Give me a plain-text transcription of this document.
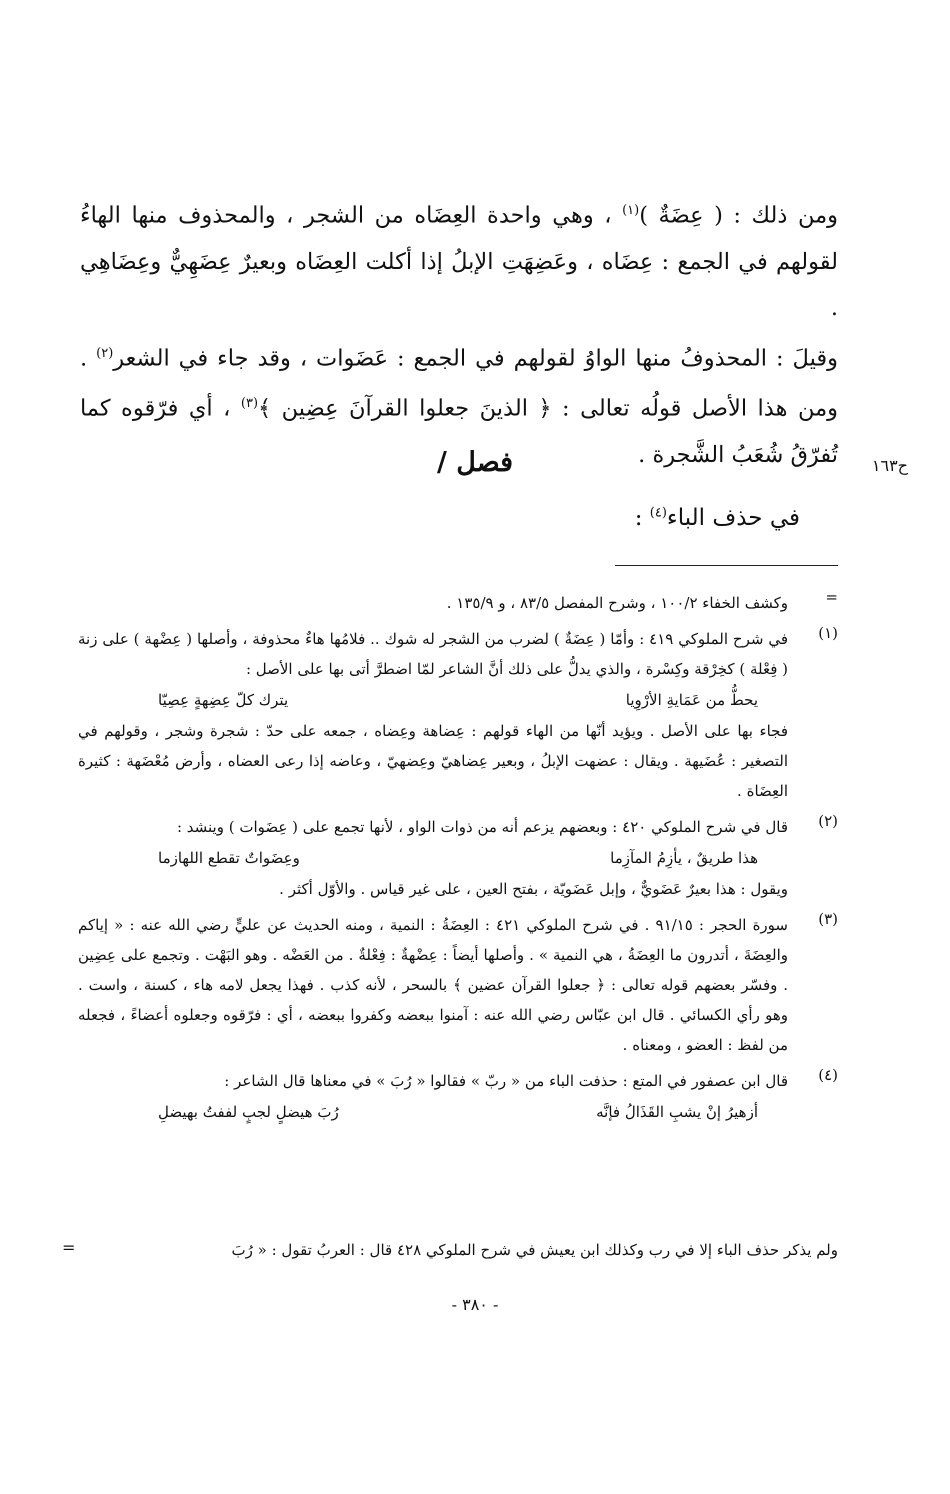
ومن ذلك : ( عِضَةٌ )$^{(١)}$ ، وهي واحدة العِضَاه من الشجر ، والمحذوف منها الهاءُ لقولهم في الجمع : عِضَاه ، وعَضِهَتِ الإبلُ إذا أكلت العِضَاه وبعيرٌ عِضَهِيٌّ وعِضَاهِي .

وقيلَ : المحذوفُ منها الواوُ لقولهم في الجمع : عَضَوات ، وقد جاء في الشعر$^{(٢)}$ . ومن هذا الأصل قولُه تعالى : ﴿ الذينَ جعلوا القرآنَ عِضِين ﴾$^{(٣)}$ ، أي فرّقوه كما تُفرّقُ شُعَبُ الشَّجرة . ح١٦٣
فصل /
في حذف الباء$^{(٤)}$ :
=

وكشف الخفاء ١٠٠/٢ ، وشرح المفصل ٨٣/٥ ، و ١٣٥/٩ .

(١)

في شرح الملوكي ٤١٩ : وأمّا ( عِضَةٌ ) لضرب من الشجر له شوك .. فلامُها هاءٌ محذوفة ، وأصلها ( عِضْهة ) على زنة ( فِعْلة ) كخِرْقة وكِسْرة ، والذي يدلُّ على ذلك أنَّ الشاعر لمّا اضطرَّ أتى بها على الأصل :

يحطُّ من عَمَايةِ الأرْوِيا
يترك كلّ عِضِهةٍ عِصِيّا

فجاء بها على الأصل . ويؤيد أنّها من الهاء قولهم : عِضاهة وعِضاه ، جمعه على حدّ : شجرة وشجر ، وقولهم في التصغير : عُضَيهة . ويقال : عضهت الإبلُ ، وبعير عِضاهيّ وعِضهيّ ، وعاضه إذا رعى العضاه ، وأرض مُعْضَهة : كثيرة العِضَاة .

(٢)

قال في شرح الملوكي ٤٢٠ : وبعضهم يزعم أنه من ذوات الواو ، لأنها تجمع على ( عِضَوات ) وينشد :

هذا طريقٌ ، يأزِمُ المآزِما
وعِضَواتٌ تقطع اللهازما

ويقول : هذا بعيرٌ عَضَويٌّ ، وإبل عَضَويّة ، بفتح العين ، على غير قياس . والأوّل أكثر .

(٣)

سورة الحجر : ٩١/١٥ . في شرح الملوكي ٤٢١ : العِضَةُ : النمية ، ومنه الحديث عن عليٍّ رضي الله عنه : « إياكم والعِضَةَ ، أتدرون ما العِضَةُ ، هي النمية » . وأصلها أيضاً : عِضْهةٌ : فِعْلةٌ . من العَضْه . وهو البَهْت . وتجمع على عِضِين . وفسّر بعضهم قوله تعالى : ﴿ جعلوا القرآن عضين ﴾ بالسحر ، لأنه كذب . فهذا يجعل لامه هاء ، كسنة ، واست . وهو رأي الكسائي . قال ابن عبّاس رضي الله عنه : آمنوا ببعضه وكفروا ببعضه ، أي : فرّقوه وجعلوه أعضاءً ، فجعله من لفظ : العضو ، ومعناه .

(٤)

قال ابن عصفور في المتع : حذفت الباء من « ربّ » فقالوا « رُبَ » في معناها قال الشاعر :

أزهيرُ إنْ يشبِ القَذَالُ فإنَّه
رُبَ هيضلٍ لجبٍ لففتُ بهيضلِ
ولم يذكر حذف الباء إلا في رب وكذلك ابن يعيش في شرح الملوكي ٤٢٨ قال : العربُ تقول : « رُبَ
=
- ٣٨٠ -
